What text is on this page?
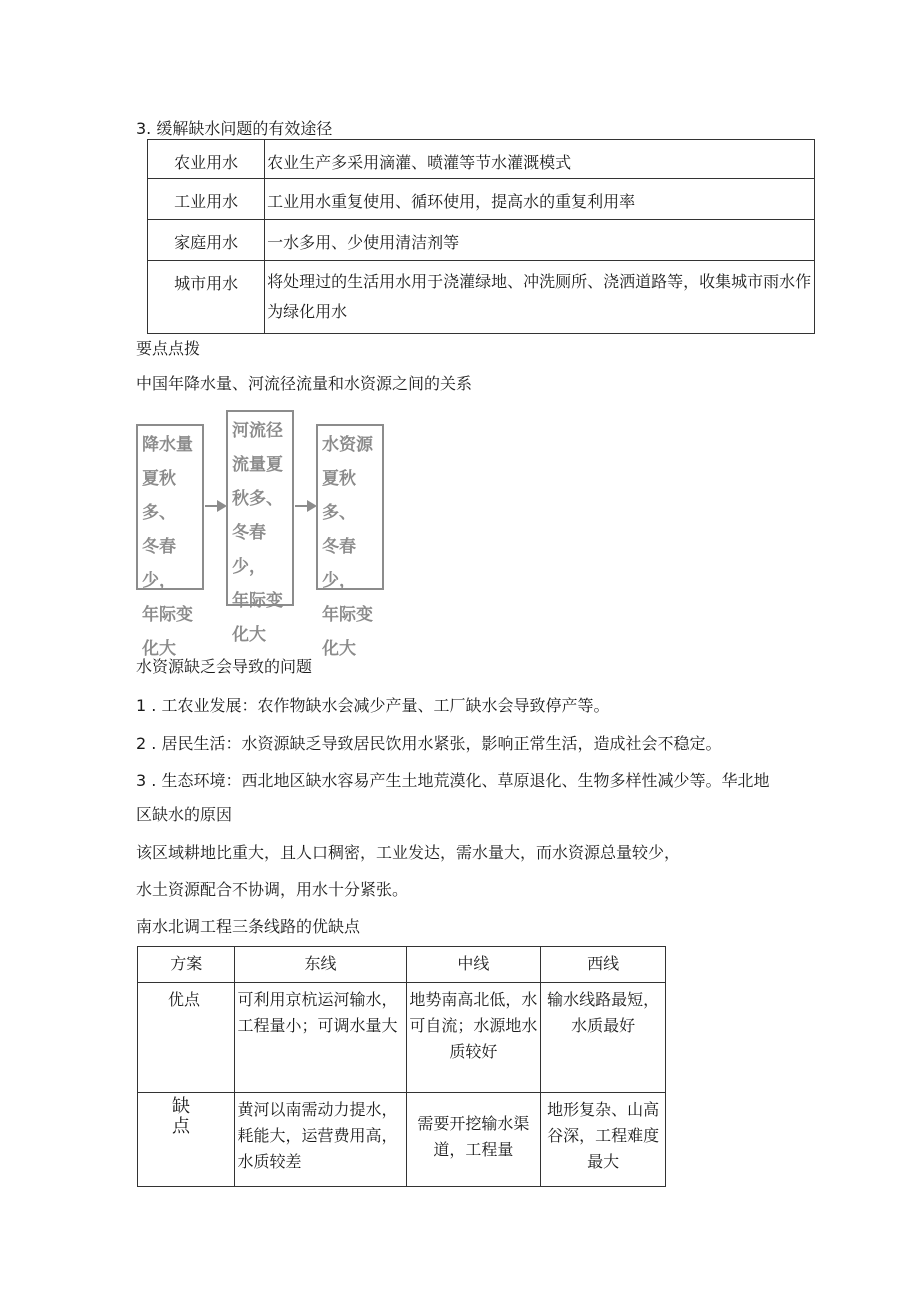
3. 缓解缺水问题的有效途径
农业用水	农业生产多采用滴灌、喷灌等节水灌溉模式
工业用水	工业用水重复使用、循环使用，提高水的重复利用率
家庭用水	一水多用、少使用清洁剂等
城市用水	将处理过的生活用水用于浇灌绿地、冲洗厕所、浇洒道路等，收集城市雨水作为绿化用水
要点点拨
中国年降水量、河流径流量和水资源之间的关系
降水量
夏秋多、
冬春少，
年际变
化大
河流径
流量夏
秋多、
冬春少，
年际变
化大
水资源
夏秋多、
冬春少，
年际变
化大
水资源缺乏会导致的问题
1 . 工农业发展：农作物缺水会减少产量、工厂缺水会导致停产等。
2 . 居民生活：水资源缺乏导致居民饮用水紧张，影响正常生活，造成社会不稳定。
3 . 生态环境：西北地区缺水容易产生土地荒漠化、草原退化、生物多样性减少等。华北地
区缺水的原因
该区域耕地比重大，且人口稠密，工业发达，需水量大，而水资源总量较少，
水土资源配合不协调，用水十分紧张。
南水北调工程三条线路的优缺点
方案	东线	中线	西线
优点	可利用京杭运河输水，工程量小；可调水量大	地势南高北低，水可自流；水源地水质较好	输水线路最短，水质最好

缺点	黄河以南需动力提水，耗能大，运营费用高，水质较差	需要开挖输水渠道，工程量	地形复杂、山高谷深，工程难度最大
